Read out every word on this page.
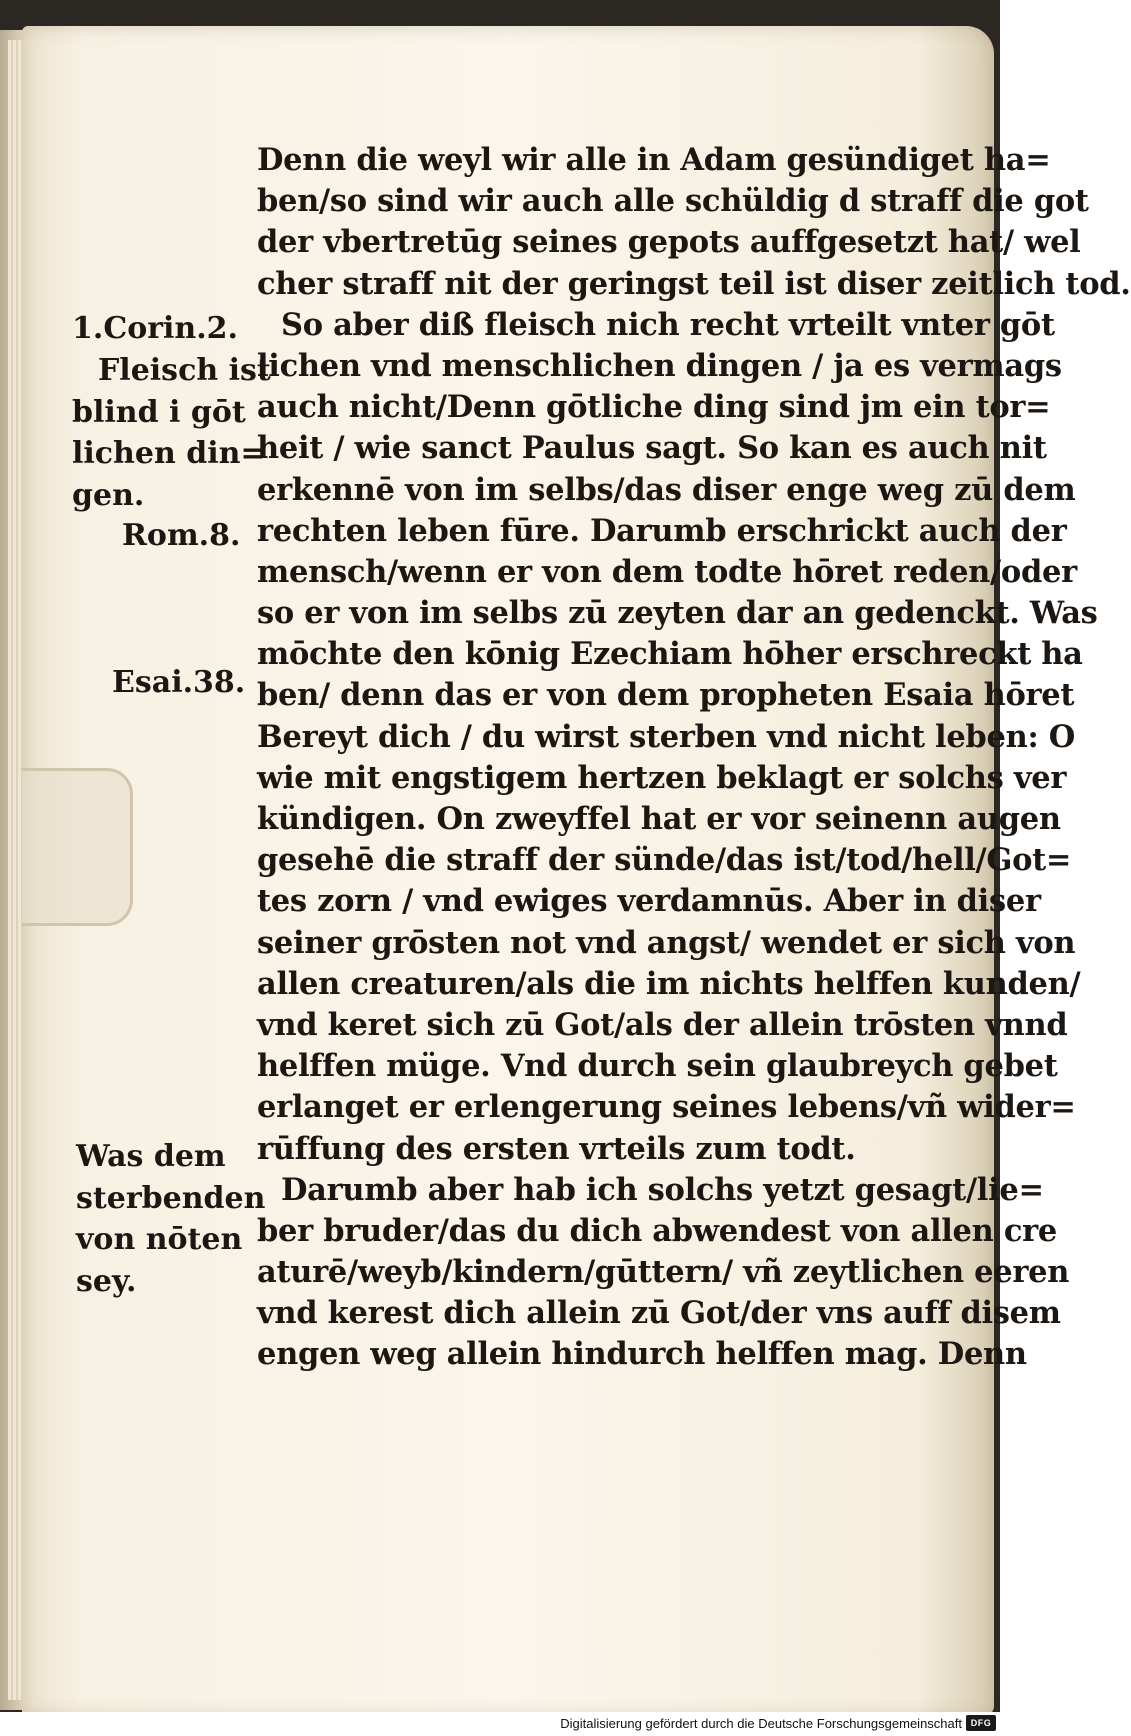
Denn die weyl wir alle in Adam gesündiget ha=
ben/so sind wir auch alle schüldig d straff die got
der vbertretūg seines gepots auffgesetzt hat/ wel
cher straff nit der geringst teil ist diser zeitlich tod.
So aber diß fleisch nich recht vrteilt vnter gōt
lichen vnd menschlichen dingen / ja es vermags
auch nicht/Denn gōtliche ding sind jm ein tor=
heit / wie sanct Paulus sagt. So kan es auch nit
erkennē von im selbs/das diser enge weg zū dem
rechten leben fūre. Darumb erschrickt auch der
mensch/wenn er von dem todte hōret reden/oder
so er von im selbs zū zeyten dar an gedenckt. Was
mōchte den kōnig Ezechiam hōher erschreckt ha
ben/ denn das er von dem propheten Esaia hōret
Bereyt dich / du wirst sterben vnd nicht leben: O
wie mit engstigem hertzen beklagt er solchs ver
kündigen. On zweyffel hat er vor seinenn augen
gesehē die straff der sünde/das ist/tod/hell/Got=
tes zorn / vnd ewiges verdamnūs. Aber in diser
seiner grōsten not vnd angst/ wendet er sich von
allen creaturen/als die im nichts helffen kunden/
vnd keret sich zū Got/als der allein trōsten vnnd
helffen müge. Vnd durch sein glaubreych gebet
erlanget er erlengerung seines lebens/vñ wider=
rūffung des ersten vrteils zum todt.
Darumb aber hab ich solchs yetzt gesagt/lie=
ber bruder/das du dich abwendest von allen cre
aturē/weyb/kindern/gūttern/ vñ zeytlichen eeren
vnd kerest dich allein zū Got/der vns auff disem
engen weg allein hindurch helffen mag. Denn
1.Corin.2.
Fleisch ist
blind i gōt
lichen din=
gen.
Rom.8.
Esai.38.
Was dem
sterbenden
von nōten
sey.
Digitalisierung gefördert durch die Deutsche Forschungsgemeinschaft DFG
